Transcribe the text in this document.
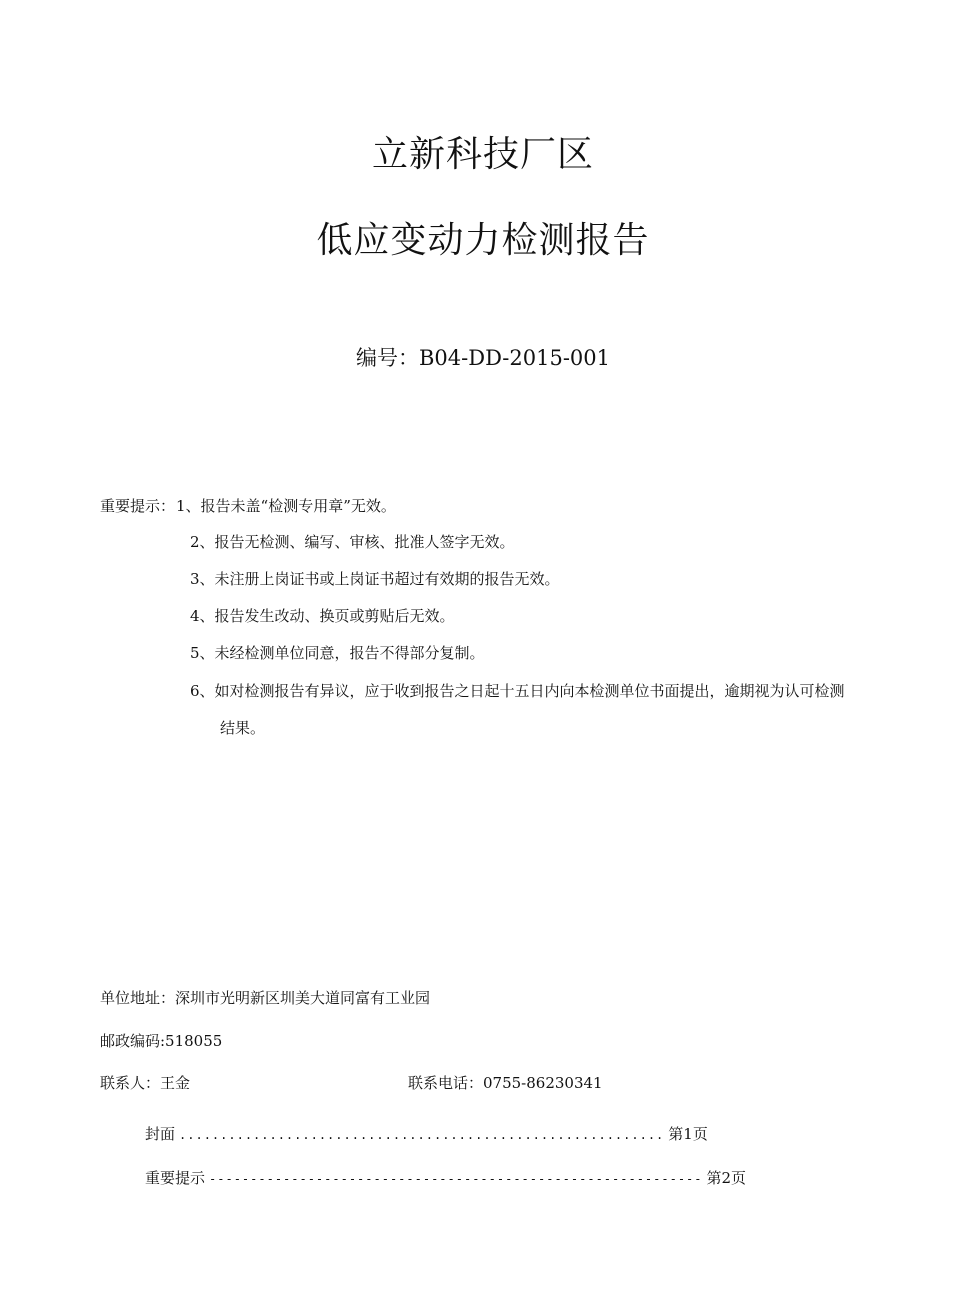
立新科技厂区
低应变动力检测报告
编号：B04-DD-2015-001
重要提示： 1、报告未盖“检测专用章”无效。
2、报告无检测、编写、审核、批准人签字无效。
3、未注册上岗证书或上岗证书超过有效期的报告无效。
4、报告发生改动、换页或剪贴后无效。
5、未经检测单位同意，报告不得部分复制。
6、如对检测报告有异议，应于收到报告之日起十五日内向本检测单位书面提出，逾期视为认可检测
结果。
单位地址：深圳市光明新区圳美大道同富有工业园
邮政编码:518055
联系人：王金	联系电话：0755-86230341
封面 ........................................................... 第1页
重要提示 ------------------------------------------------------------ 第2页
